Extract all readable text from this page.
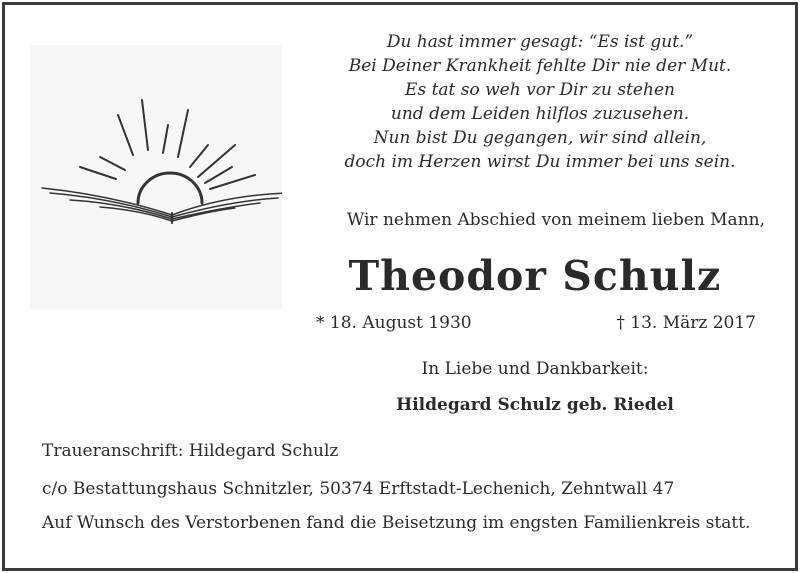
Du hast immer gesagt: “Es ist gut.”
Bei Deiner Krankheit fehlte Dir nie der Mut.
Es tat so weh vor Dir zu stehen
und dem Leiden hilflos zuzusehen.
Nun bist Du gegangen, wir sind allein,
doch im Herzen wirst Du immer bei uns sein.
Wir nehmen Abschied von meinem lieben Mann,
Theodor Schulz
* 18. August 1930	† 13. März 2017
In Liebe und Dankbarkeit:
Hildegard Schulz geb. Riedel
Traueranschrift: Hildegard Schulz
c/o Bestattungshaus Schnitzler, 50374 Erftstadt-Lechenich, Zehntwall 47
Auf Wunsch des Verstorbenen fand die Beisetzung im engsten Familienkreis statt.
